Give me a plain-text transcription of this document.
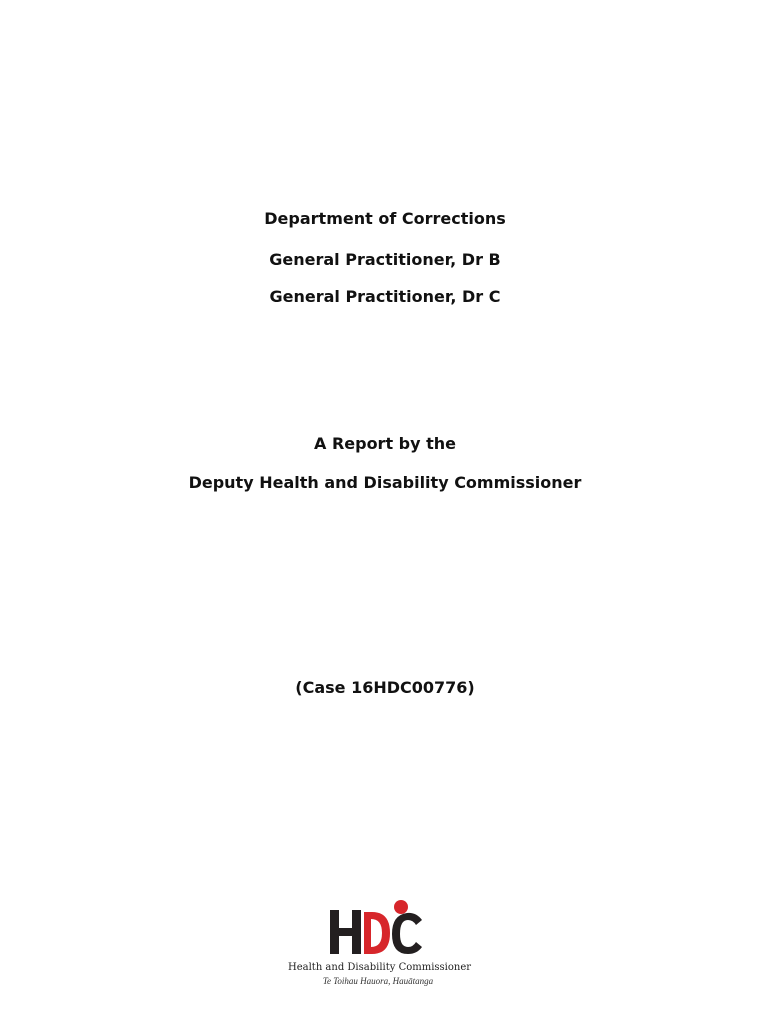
Department of Corrections
General Practitioner, Dr B
General Practitioner, Dr C
A Report by the
Deputy Health and Disability Commissioner
(Case 16HDC00776)
Health and Disability Commissioner
Te Toihau Hauora, Hauātanga
